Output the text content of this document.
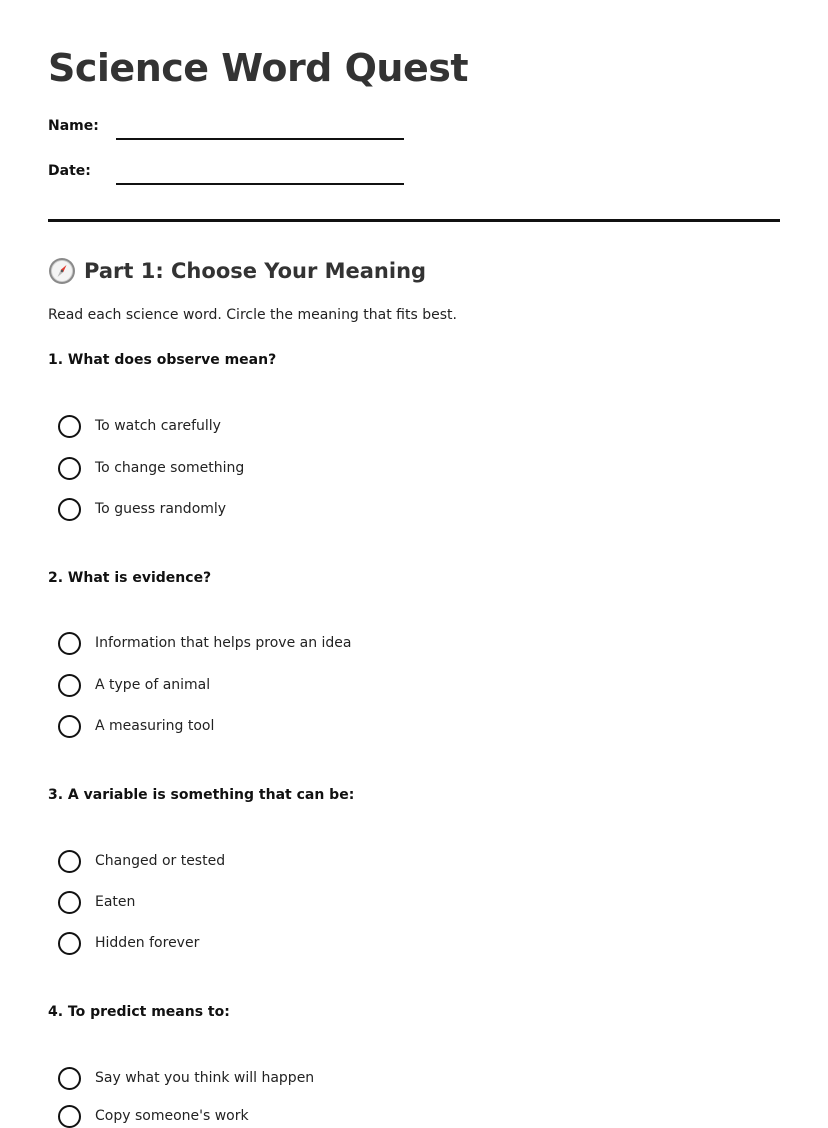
Science Word Quest
Name:
Date:
Part 1: Choose Your Meaning
Read each science word. Circle the meaning that fits best.
1. What does observe mean?
To watch carefully
To change something
To guess randomly
2. What is evidence?
Information that helps prove an idea
A type of animal
A measuring tool
3. A variable is something that can be:
Changed or tested
Eaten
Hidden forever
4. To predict means to:
Say what you think will happen
Copy someone's work
